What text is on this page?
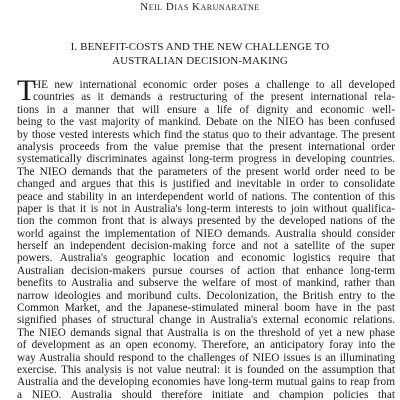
Neil Dias Karunaratne
I. BENEFIT-COSTS AND THE NEW CHALLENGE TO
AUSTRALIAN DECISION-MAKING
T
HE new international economic order poses a challenge to all developed
countries as it demands a restructuring of the present international rela-
tions in a manner that will ensure a life of dignity and economic well-
being to the vast majority of mankind. Debate on the NIEO has been confused
by those vested interests which find the status quo to their advantage. The present
analysis proceeds from the value premise that the present international order
systematically discriminates against long-term progress in developing countries.
The NIEO demands that the parameters of the present world order need to be
changed and argues that this is justified and inevitable in order to consolidate
peace and stability in an interdependent world of nations. The contention of this
paper is that it is not in Australia's long-term interests to join without qualifica-
tion the common front that is always presented by the developed nations of the
world against the implementation of NIEO demands. Australia should consider
herself an independent decision-making force and not a satellite of the super
powers. Australia's geographic location and economic logistics require that
Australian decision-makers pursue courses of action that enhance long-term
benefits to Australia and subserve the welfare of most of mankind, rather than
narrow ideologies and moribund cults. Decolonization, the British entry to the
Common Market, and the Japanese-stimulated mineral boom have in the past
signified phases of structural change in Australia's external economic relations.
The NIEO demands signal that Australia is on the threshold of yet a new phase
of development as an open economy. Therefore, an anticipatory foray into the
way Australia should respond to the challenges of NIEO issues is an illuminating
exercise. This analysis is not value neutral: it is founded on the assumption that
Australia and the developing economies have long-term mutual gains to reap from
a NIEO. Australia should therefore initiate and champion policies that
